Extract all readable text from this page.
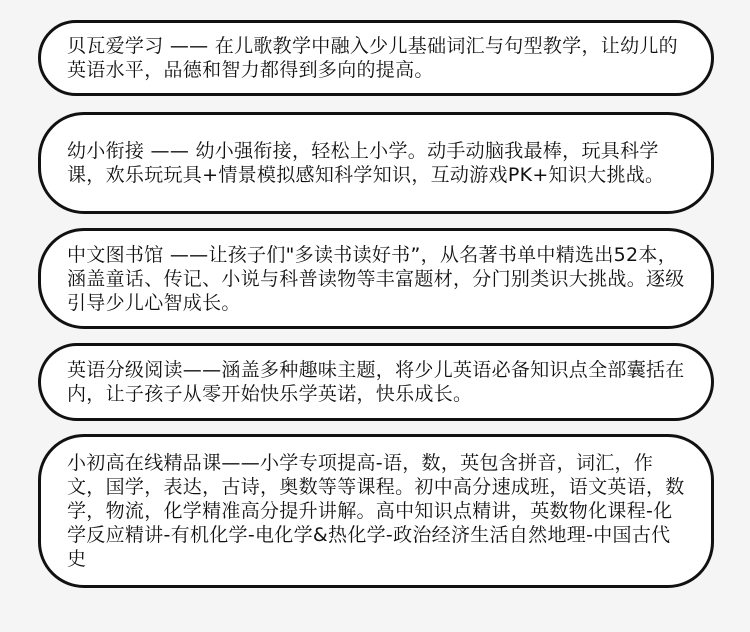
贝瓦爱学习 —— 在儿歌教学中融入少儿基础词汇与句型教学，让幼儿的英语水平，品德和智力都得到多向的提高。

幼小衔接 —— 幼小强衔接，轻松上小学。动手动脑我最棒，玩具科学课，欢乐玩玩具+情景模拟感知科学知识，互动游戏PK+知识大挑战。

中文图书馆 ——让孩子们"多读书读好书”，从名著书单中精选出52本，涵盖童话、传记、小说与科普读物等丰富题材，分门别类识大挑战。逐级引导少儿心智成长。

英语分级阅读——涵盖多种趣味主题，将少儿英语必备知识点全部囊括在内，让子孩子从零开始快乐学英诺，快乐成长。

小初高在线精品课——小学专项提高-语，数，英包含拼音，词汇，作文，国学，表达，古诗，奥数等等课程。初中高分速成班，语文英语，数学，物流，化学精准高分提升讲解。高中知识点精讲，英数物化课程-化学反应精讲-有机化学-电化学&热化学-政治经济生活自然地理-中国古代史
